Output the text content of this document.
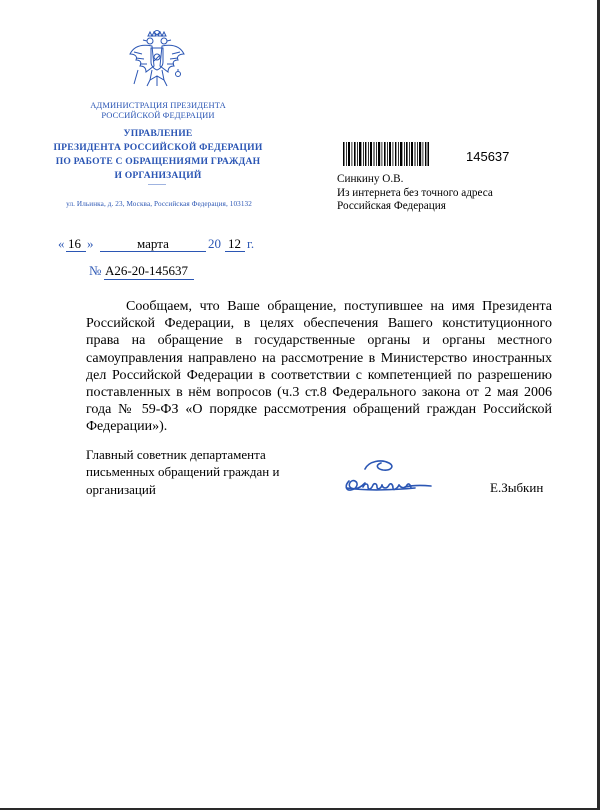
АДМИНИСТРАЦИЯ ПРЕЗИДЕНТА
РОССИЙСКОЙ ФЕДЕРАЦИИ
УПРАВЛЕНИЕ
ПРЕЗИДЕНТА РОССИЙСКОЙ ФЕДЕРАЦИИ
ПО РАБОТЕ С ОБРАЩЕНИЯМИ ГРАЖДАН
И ОРГАНИЗАЦИЙ
ул. Ильинка, д. 23, Москва, Российская Федерация, 103132
145637
Синкину О.В.
Из интернета без точного адреса
Российская Федерация
« 16 »	марта	20 12 г.
№ А26-20-145637

Сообщаем, что Ваше обращение, поступившее на имя Президента Российской Федерации, в целях обеспечения Вашего конституционного права на обращение в государственные органы и органы местного самоуправления направлено на рассмотрение в Министерство иностранных дел Российской Федерации в соответствии с компетенцией по разрешению поставленных в нём вопросов (ч.3 ст.8 Федерального закона от 2 мая 2006 года № 59-ФЗ «О порядке рассмотрения обращений граждан Российской Федерации»).

Главный советник департамента
письменных обращений граждан и
организаций	Е.Зыбкин
